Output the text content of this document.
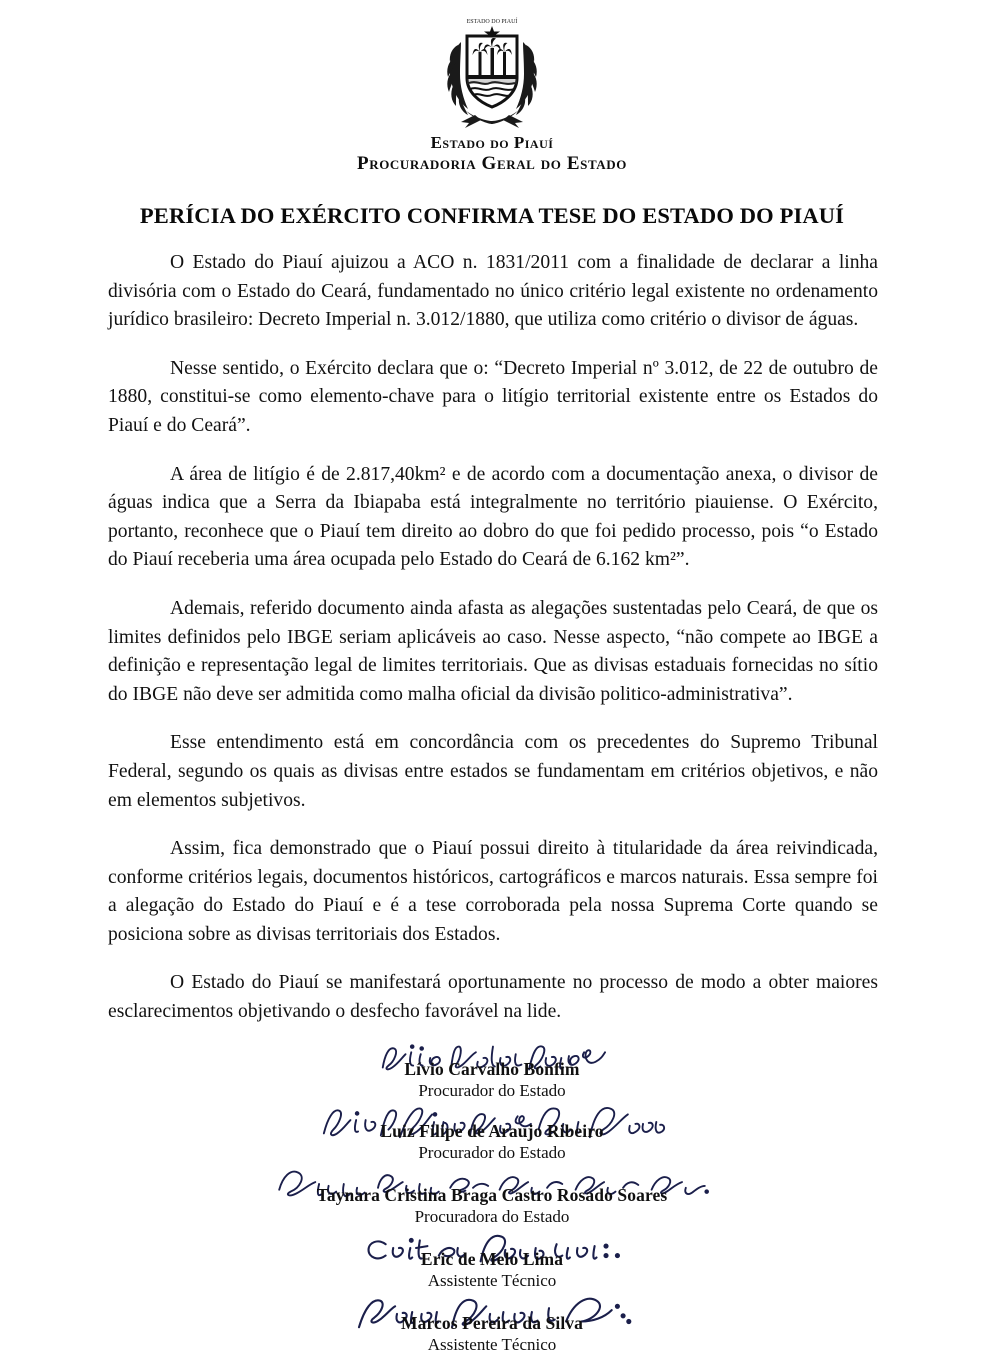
ESTADO DO PIAUÍ
Estado do Piauí
Procuradoria Geral do Estado
PERÍCIA DO EXÉRCITO CONFIRMA TESE DO ESTADO DO PIAUÍ

O Estado do Piauí ajuizou a ACO n. 1831/2011 com a finalidade de declarar a linha divisória com o Estado do Ceará, fundamentado no único critério legal existente no ordenamento jurídico brasileiro: Decreto Imperial n. 3.012/1880, que utiliza como critério o divisor de águas.

Nesse sentido, o Exército declara que o: “Decreto Imperial nº 3.012, de 22 de outubro de 1880, constitui-se como elemento-chave para o litígio territorial existente entre os Estados do Piauí e do Ceará”.

A área de litígio é de 2.817,40km² e de acordo com a documentação anexa, o divisor de águas indica que a Serra da Ibiapaba está integralmente no território piauiense. O Exército, portanto, reconhece que o Piauí tem direito ao dobro do que foi pedido processo, pois “o Estado do Piauí receberia uma área ocupada pelo Estado do Ceará de 6.162 km²”.

Ademais, referido documento ainda afasta as alegações sustentadas pelo Ceará, de que os limites definidos pelo IBGE seriam aplicáveis ao caso. Nesse aspecto, “não compete ao IBGE a definição e representação legal de limites territoriais. Que as divisas estaduais fornecidas no sítio do IBGE não deve ser admitida como malha oficial da divisão politico-administrativa”.

Esse entendimento está em concordância com os precedentes do Supremo Tribunal Federal, segundo os quais as divisas entre estados se fundamentam em critérios objetivos, e não em elementos subjetivos.

Assim, fica demonstrado que o Piauí possui direito à titularidade da área reivindicada, conforme critérios legais, documentos históricos, cartográficos e marcos naturais. Essa sempre foi a alegação do Estado do Piauí e é a tese corroborada pela nossa Suprema Corte quando se posiciona sobre as divisas territoriais dos Estados.

O Estado do Piauí se manifestará oportunamente no processo de modo a obter maiores esclarecimentos objetivando o desfecho favorável na lide.

Lívio Carvalho Bonfim
Procurador do Estado
Luiz Filipe de Araujo Ribeiro
Procurador do Estado
Taynara Cristina Braga Castro Rosado Soares
Procuradora do Estado
Eric de Melo Lima
Assistente Técnico
Marcos Pereira da Silva
Assistente Técnico
